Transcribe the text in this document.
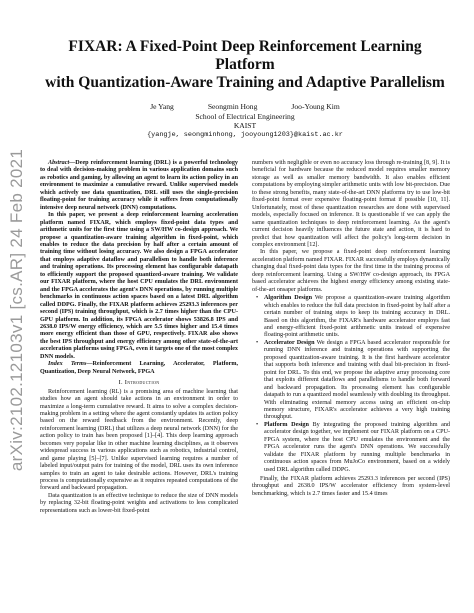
arXiv:2102.12103v1 [cs.AR] 24 Feb 2021
FIXAR: A Fixed-Point Deep Reinforcement Learning Platform
with Quantization-Aware Training and Adaptive Parallelism
Je Yang	Seongmin Hong	Joo-Young Kim
School of Electrical Engineering
KAIST
{yangje, seongminhong, jooyoung1203}@kaist.ac.kr

Abstract—Deep reinforcement learning (DRL) is a powerful technology to deal with decision-making problem in various application domains such as robotics and gaming, by allowing an agent to learn its action policy in an environment to maximize a cumulative reward. Unlike supervised models which actively use data quantization, DRL still uses the single-precision floating-point for training accuracy while it suffers from computationally intensive deep neural network (DNN) computations.

In this paper, we present a deep reinforcement learning acceleration platform named FIXAR, which employs fixed-point data types and arithmetic units for the first time using a SW/HW co-design approach. We propose a quantization-aware training algorithm in fixed-point, which enables to reduce the data precision by half after a certain amount of training time without losing accuracy. We also design a FPGA accelerator that employs adaptive dataflow and parallelism to handle both inference and training operations. Its processing element has configurable datapath to efficiently support the proposed quantized-aware training. We validate our FIXAR platform, where the host CPU emulates the DRL environment and the FPGA accelerates the agent's DNN operations, by running multiple benchmarks in continuous action spaces based on a latest DRL algorithm called DDPG. Finally, the FIXAR platform achieves 25293.3 inferences per second (IPS) training throughput, which is 2.7 times higher than the CPU-GPU platform. In addition, its FPGA accelerator shows 53826.8 IPS and 2638.0 IPS/W energy efficiency, which are 5.5 times higher and 15.4 times more energy efficient than those of GPU, respectively. FIXAR also shows the best IPS throughput and energy efficiency among other state-of-the-art acceleration platforms using FPGA, even it targets one of the most complex DNN models.

Index Terms—Reinforcement Learning, Accelerator, Platform, Quantization, Deep Neural Network, FPGA

I. Introduction

Reinforcement learning (RL) is a promising area of machine learning that studies how an agent should take actions in an environment in order to maximize a long-term cumulative reward. It aims to solve a complex decision-making problem in a setting where the agent constantly updates its action policy based on the reward feedback from the environment. Recently, deep reinforcement learning (DRL) that utilizes a deep neural network (DNN) for the action policy to train has been proposed [1]–[4]. This deep learning approach becomes very popular like in other machine learning disciplines, as it observes widespread success in various applications such as robotics, industrial control, and game playing [5]–[7]. Unlike supervised learning requires a number of labeled input/output pairs for training of the model, DRL uses its own inference samples to train an agent to take desirable actions. However, DRL's training process is computationally expensive as it requires repeated computations of the forward and backward propagation.

Data quantization is an effective technique to reduce the size of DNN models by replacing 32-bit floating-point weights and activations to less complicated representations such as lower-bit fixed-point

numbers with negligible or even no accuracy loss through re-training [8, 9]. It is beneficial for hardware because the reduced model requires smaller memory storage as well as smaller memory bandwidth. It also enables efficient computations by employing simpler arithmetic units with low bit-precision. Due to these strong benefits, many state-of-the-art DNN platforms try to use low-bit fixed-point format over expensive floating-point format if possible [10, 11]. Unfortunately, most of these quantization researches are done with supervised models, especially focused on inference. It is questionable if we can apply the same quantization techniques to deep reinforcement learning. As the agent's current decision heavily influences the future state and action, it is hard to predict that how quantization will affect the policy's long-term decision in complex environment [12].

In this paper, we propose a fixed-point deep reinforcement learning acceleration platform named FIXAR. FIXAR successfully employs dynamically changing dual fixed-point data types for the first time in the training process of deep reinforcement learning. Using a SW/HW co-design approach, its FPGA based accelerator achieves the highest energy efficiency among existing state-of-the-art onsaper platforms.

• Algorithm Design We propose a quantization-aware training algorithm which enables to reduce the full data precision in fixed-point by half after a certain number of training steps to keep its training accuracy in DRL. Based on this algorithm, the FIXAR's hardware accelerator employs fast and energy-efficient fixed-point arithmetic units instead of expensive floating-point arithmetic units.
• Accelerator Design We design a FPGA based accelerator responsible for running DNN inference and training operations with supporting the proposed quantization-aware training. It is the first hardware accelerator that supports both inference and training with dual bit-precision in fixed-point for DRL. To this end, we propose the adaptive array processing core that exploits different dataflows and parallelisms to handle both forward and backward propagation. Its processing element has configurable datapath to run a quantized model seamlessly with doubling its throughput. With eliminating external memory access using an efficient on-chip memory structure, FIXAR's accelerator achieves a very high training throughput.
• Platform Design By integrating the proposed training algorithm and accelerator design together, we implement our FIXAR platform on a CPU-FPGA system, where the host CPU emulates the environment and the FPGA accelerator runs the agent's DNN operations. We successfully validate the FIXAR platform by running multiple benchmarks in continuous action spaces from MuJoCo environment, based on a widely used DRL algorithm called DDPG.

Finally, the FIXAR platform achieves 25293.3 inferences per second (IPS) throughput and 2638.0 IPS/W accelerator efficiency from system-level benchmarking, which is 2.7 times faster and 15.4 times
